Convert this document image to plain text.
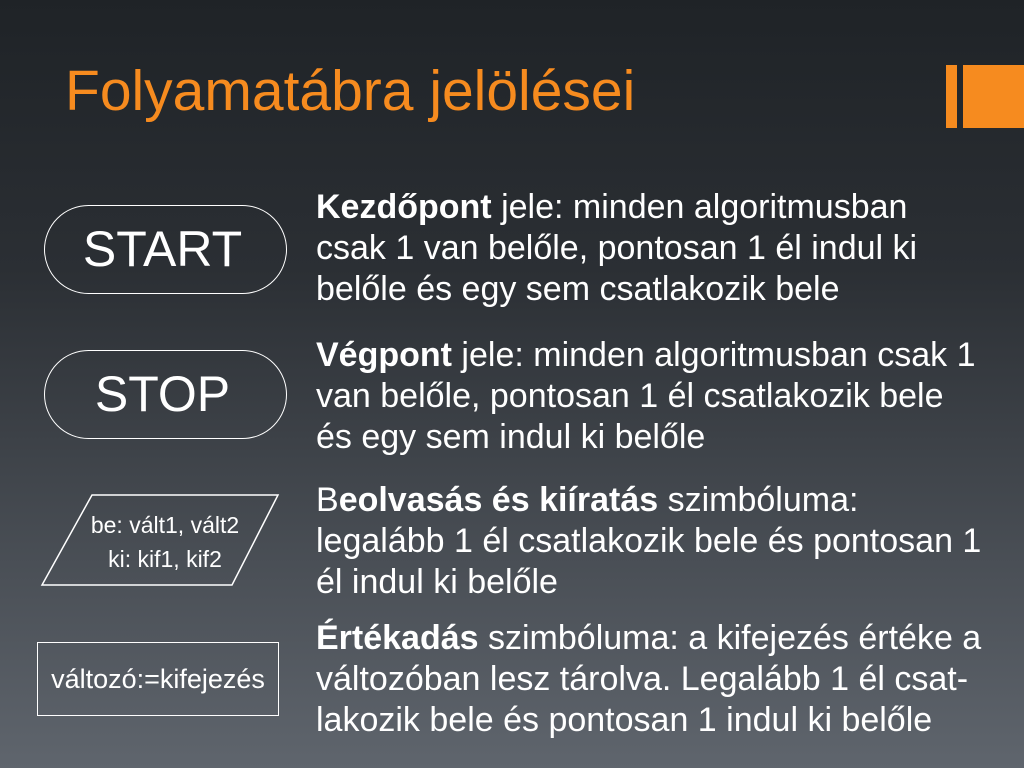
Folyamatábra jelölései
START
STOP
be: vált1, vált2
ki: kif1, kif2
változó:=kifejezés
Kezdőpont jele: minden algoritmusban
csak 1 van belőle, pontosan 1 él indul ki
belőle és egy sem csatlakozik bele
Végpont jele: minden algoritmusban csak 1
van belőle, pontosan 1 él csatlakozik bele
és egy sem indul ki belőle
Beolvasás és kiíratás szimbóluma:
legalább 1 él csatlakozik bele és pontosan 1
él indul ki belőle
Értékadás szimbóluma: a kifejezés értéke a
változóban lesz tárolva. Legalább 1 él csat-
lakozik bele és pontosan 1 indul ki belőle
